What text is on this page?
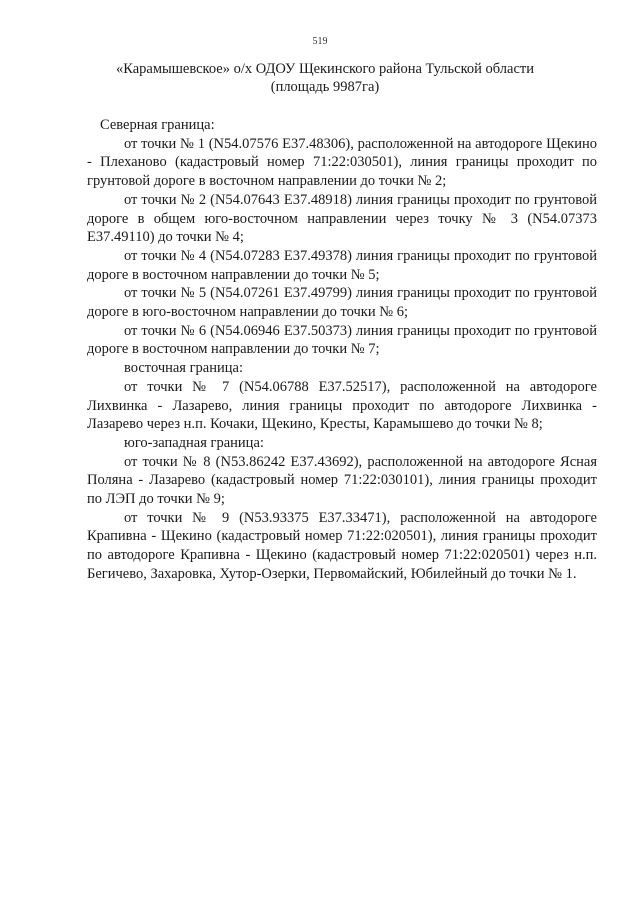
519
«Карамышевское» о/х ОДОУ Щекинского района Тульской области
(площадь 9987га)

Северная граница:

от точки № 1 (N54.07576 E37.48306), расположенной на автодороге Щекино - Плехановo (кадастровый номер 71:22:030501), линия границы проходит по грунтовой дороге в восточном направлении до точки № 2;

от точки № 2 (N54.07643 E37.48918) линия границы проходит по грунтовой дороге в общем юго-восточном направлении через точку № 3 (N54.07373 E37.49110) до точки № 4;

от точки № 4 (N54.07283 E37.49378) линия границы проходит по грунтовой дороге в восточном направлении до точки № 5;

от точки № 5 (N54.07261 E37.49799) линия границы проходит по грунтовой дороге в юго-восточном направлении до точки № 6;

от точки № 6 (N54.06946 E37.50373) линия границы проходит по грунтовой дороге в восточном направлении до точки № 7;

восточная граница:

от точки № 7 (N54.06788 E37.52517), расположенной на автодороге Лихвинка - Лазарево, линия границы проходит по автодороге Лихвинка - Лазарево через н.п. Кочаки, Щекино, Кресты, Карамышево до точки № 8;

юго-западная граница:

от точки № 8 (N53.86242 E37.43692), расположенной на автодороге Ясная Поляна - Лазарево (кадастровый номер 71:22:030101), линия границы проходит по ЛЭП до точки № 9;

от точки № 9 (N53.93375 E37.33471), расположенной на автодороге Крапивна - Щекино (кадастровый номер 71:22:020501), линия границы проходит по автодороге Крапивна - Щекино (кадастровый номер 71:22:020501) через н.п. Бегичево, Захаровка, Хутор-Озерки, Первомайский, Юбилейный до точки № 1.
